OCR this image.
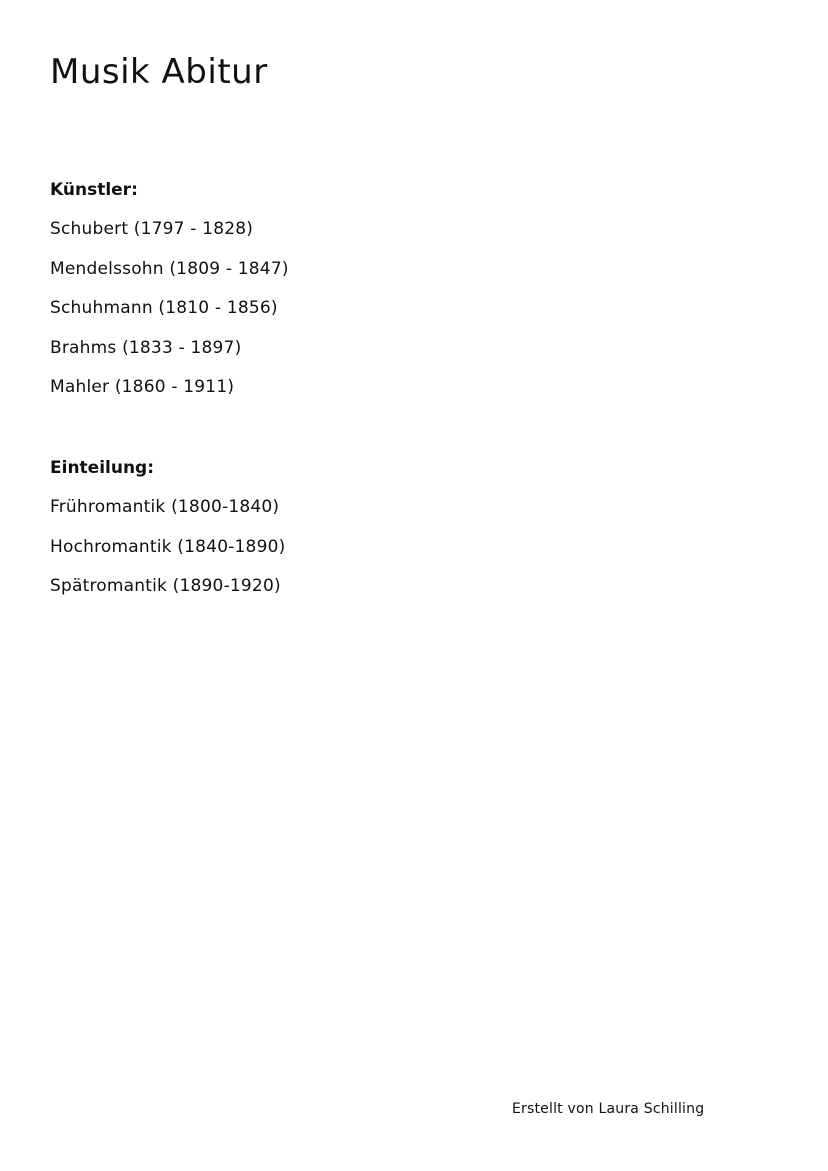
Musik Abitur
Künstler:
Schubert (1797 - 1828)
Mendelssohn (1809 - 1847)
Schuhmann (1810 - 1856)
Brahms (1833 - 1897)
Mahler (1860 - 1911)
Einteilung:
Frühromantik (1800-1840)
Hochromantik (1840-1890)
Spätromantik (1890-1920)
Erstellt von Laura Schilling
